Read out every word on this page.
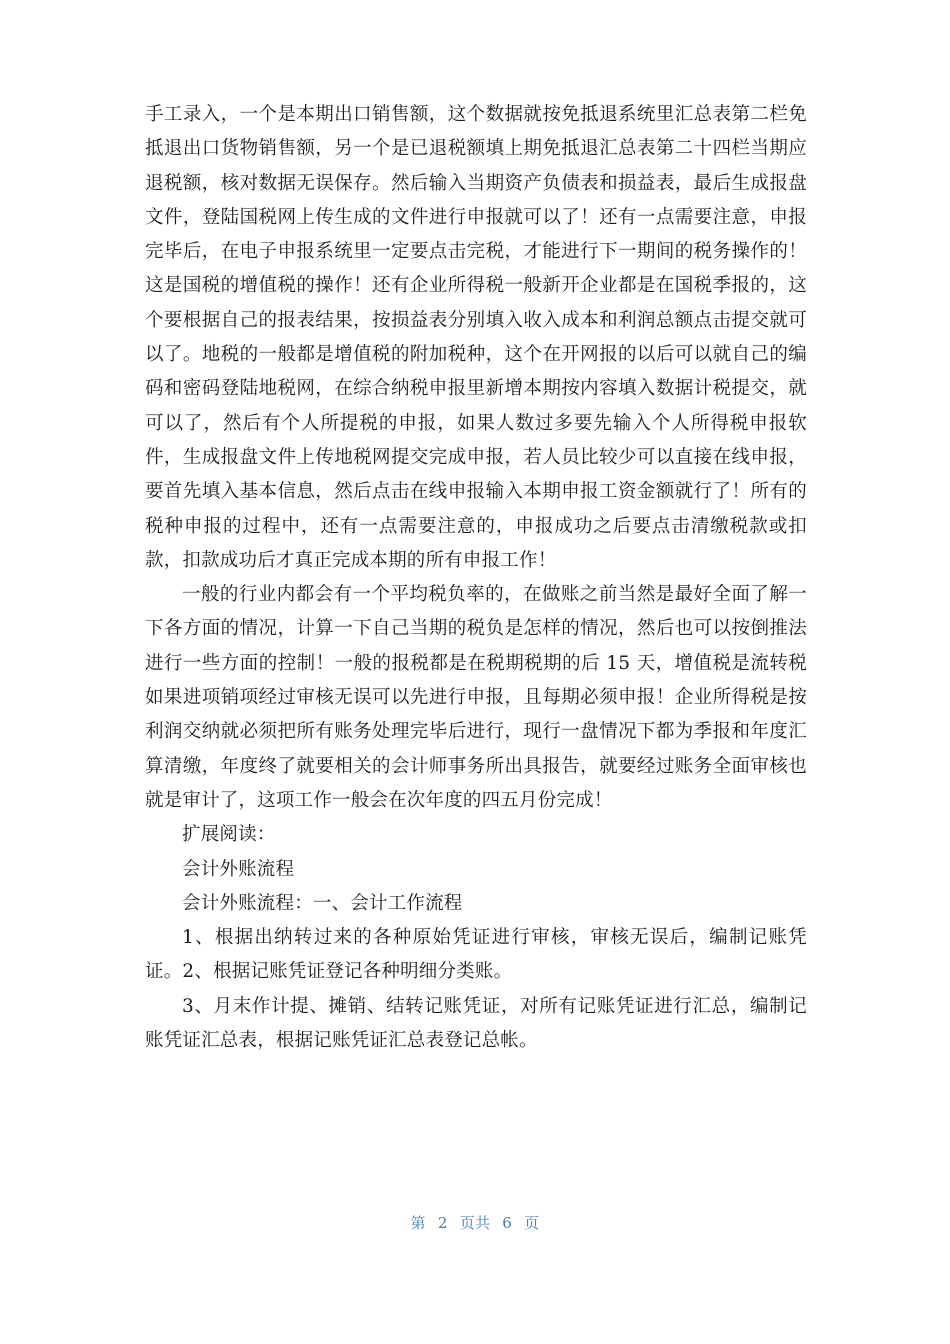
手工录入，一个是本期出口销售额，这个数据就按免抵退系统里汇总表第二栏免抵退出口货物销售额，另一个是已退税额填上期免抵退汇总表第二十四栏当期应退税额，核对数据无误保存。然后输入当期资产负债表和损益表，最后生成报盘文件，登陆国税网上传生成的文件进行申报就可以了！还有一点需要注意，申报完毕后，在电子申报系统里一定要点击完税，才能进行下一期间的税务操作的！这是国税的增值税的操作！还有企业所得税一般新开企业都是在国税季报的，这个要根据自己的报表结果，按损益表分别填入收入成本和利润总额点击提交就可以了。地税的一般都是增值税的附加税种，这个在开网报的以后可以就自己的编码和密码登陆地税网，在综合纳税申报里新增本期按内容填入数据计税提交，就可以了，然后有个人所提税的申报，如果人数过多要先输入个人所得税申报软件，生成报盘文件上传地税网提交完成申报，若人员比较少可以直接在线申报，要首先填入基本信息，然后点击在线申报输入本期申报工资金额就行了！所有的税种申报的过程中，还有一点需要注意的，申报成功之后要点击清缴税款或扣款，扣款成功后才真正完成本期的所有申报工作！

一般的行业内都会有一个平均税负率的，在做账之前当然是最好全面了解一下各方面的情况，计算一下自己当期的税负是怎样的情况，然后也可以按倒推法进行一些方面的控制！一般的报税都是在税期税期的后 15 天，增值税是流转税如果进项销项经过审核无误可以先进行申报，且每期必须申报！企业所得税是按利润交纳就必须把所有账务处理完毕后进行，现行一盘情况下都为季报和年度汇算清缴，年度终了就要相关的会计师事务所出具报告，就要经过账务全面审核也就是审计了，这项工作一般会在次年度的四五月份完成！

扩展阅读：

会计外账流程

会计外账流程：一、会计工作流程

1、根据出纳转过来的各种原始凭证进行审核，审核无误后，编制记账凭证。2、根据记账凭证登记各种明细分类账。

3、月末作计提、摊销、结转记账凭证，对所有记账凭证进行汇总，编制记账凭证汇总表，根据记账凭证汇总表登记总帐。

第 2 页共 6 页
